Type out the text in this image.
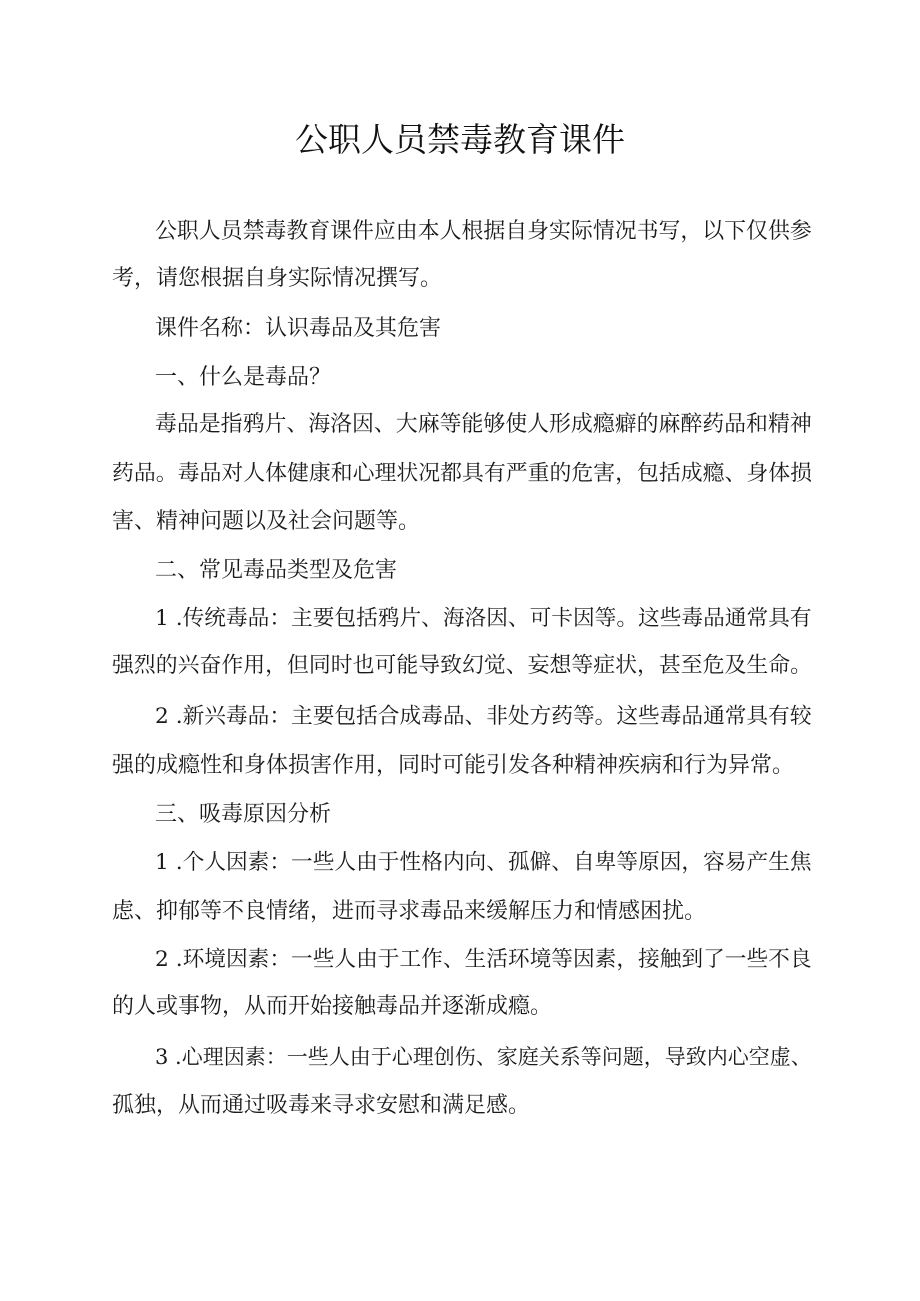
公职人员禁毒教育课件

公职人员禁毒教育课件应由本人根据自身实际情况书写，以下仅供参

考，请您根据自身实际情况撰写。

课件名称：认识毒品及其危害

一、什么是毒品？

毒品是指鸦片、海洛因、大麻等能够使人形成瘾癖的麻醉药品和精神

药品。毒品对人体健康和心理状况都具有严重的危害，包括成瘾、身体损

害、精神问题以及社会问题等。

二、常见毒品类型及危害

1 .传统毒品：主要包括鸦片、海洛因、可卡因等。这些毒品通常具有

强烈的兴奋作用，但同时也可能导致幻觉、妄想等症状，甚至危及生命。

2 .新兴毒品：主要包括合成毒品、非处方药等。这些毒品通常具有较

强的成瘾性和身体损害作用，同时可能引发各种精神疾病和行为异常。

三、吸毒原因分析

1 .个人因素：一些人由于性格内向、孤僻、自卑等原因，容易产生焦

虑、抑郁等不良情绪，进而寻求毒品来缓解压力和情感困扰。

2 .环境因素：一些人由于工作、生活环境等因素，接触到了一些不良

的人或事物，从而开始接触毒品并逐渐成瘾。

3 .心理因素：一些人由于心理创伤、家庭关系等问题，导致内心空虚、

孤独，从而通过吸毒来寻求安慰和满足感。
